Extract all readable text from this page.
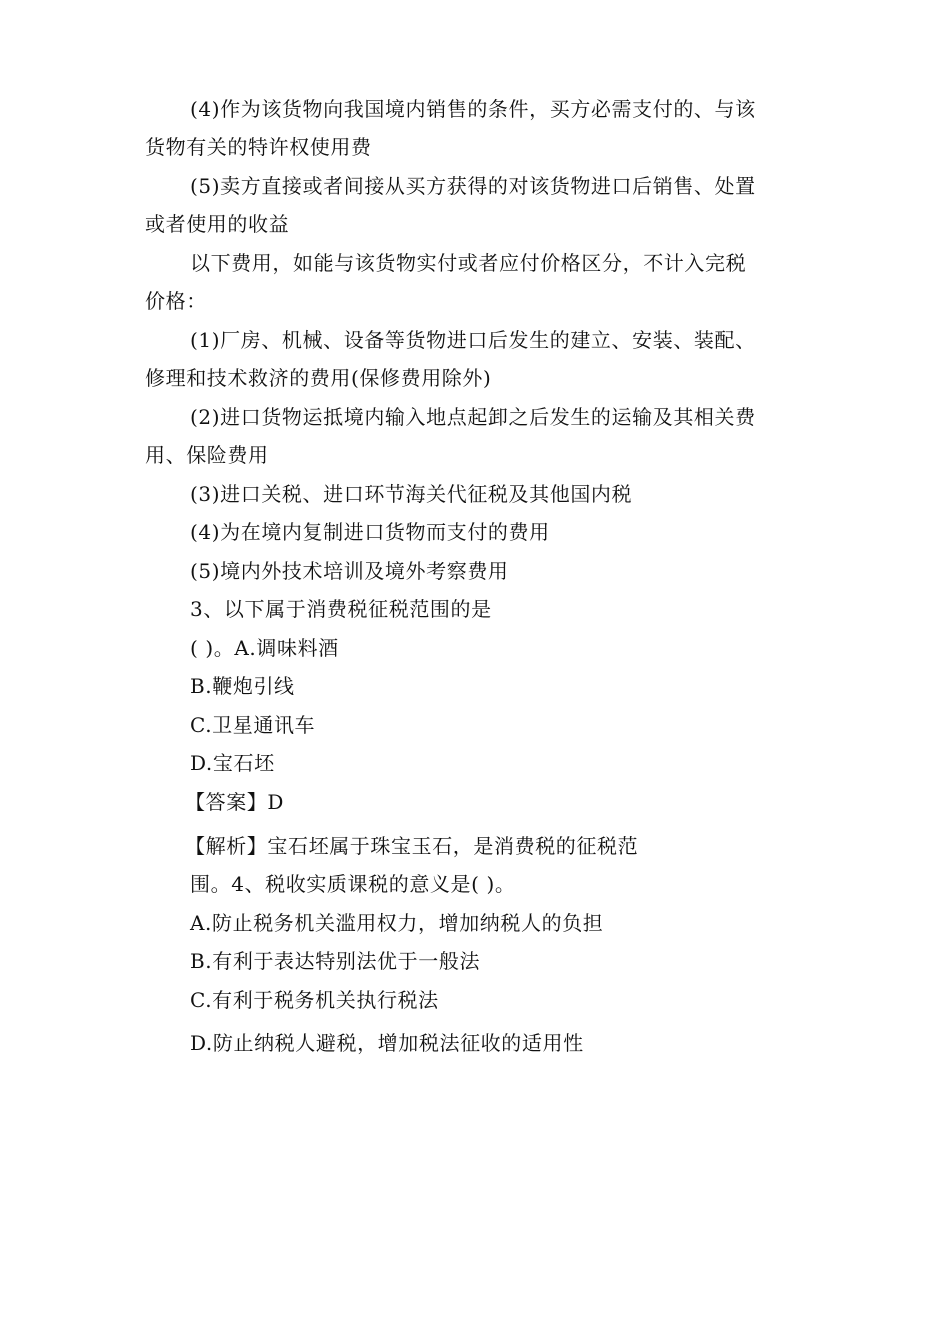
(4)作为该货物向我国境内销售的条件，买方必需支付的、与该
货物有关的特许权使用费
(5)卖方直接或者间接从买方获得的对该货物进口后销售、处置
或者使用的收益
以下费用，如能与该货物实付或者应付价格区分，不计入完税
价格：
(1)厂房、机械、设备等货物进口后发生的建立、安装、装配、
修理和技术救济的费用(保修费用除外)
(2)进口货物运抵境内输入地点起卸之后发生的运输及其相关费
用、保险费用
(3)进口关税、进口环节海关代征税及其他国内税
(4)为在境内复制进口货物而支付的费用
(5)境内外技术培训及境外考察费用
3、以下属于消费税征税范围的是
( )。A.调味料酒
B.鞭炮引线
C.卫星通讯车
D.宝石坯
【答案】D
【解析】宝石坯属于珠宝玉石，是消费税的征税范
围。4、税收实质课税的意义是( )。
A.防止税务机关滥用权力，增加纳税人的负担
B.有利于表达特别法优于一般法
C.有利于税务机关执行税法
D.防止纳税人避税，增加税法征收的适用性
